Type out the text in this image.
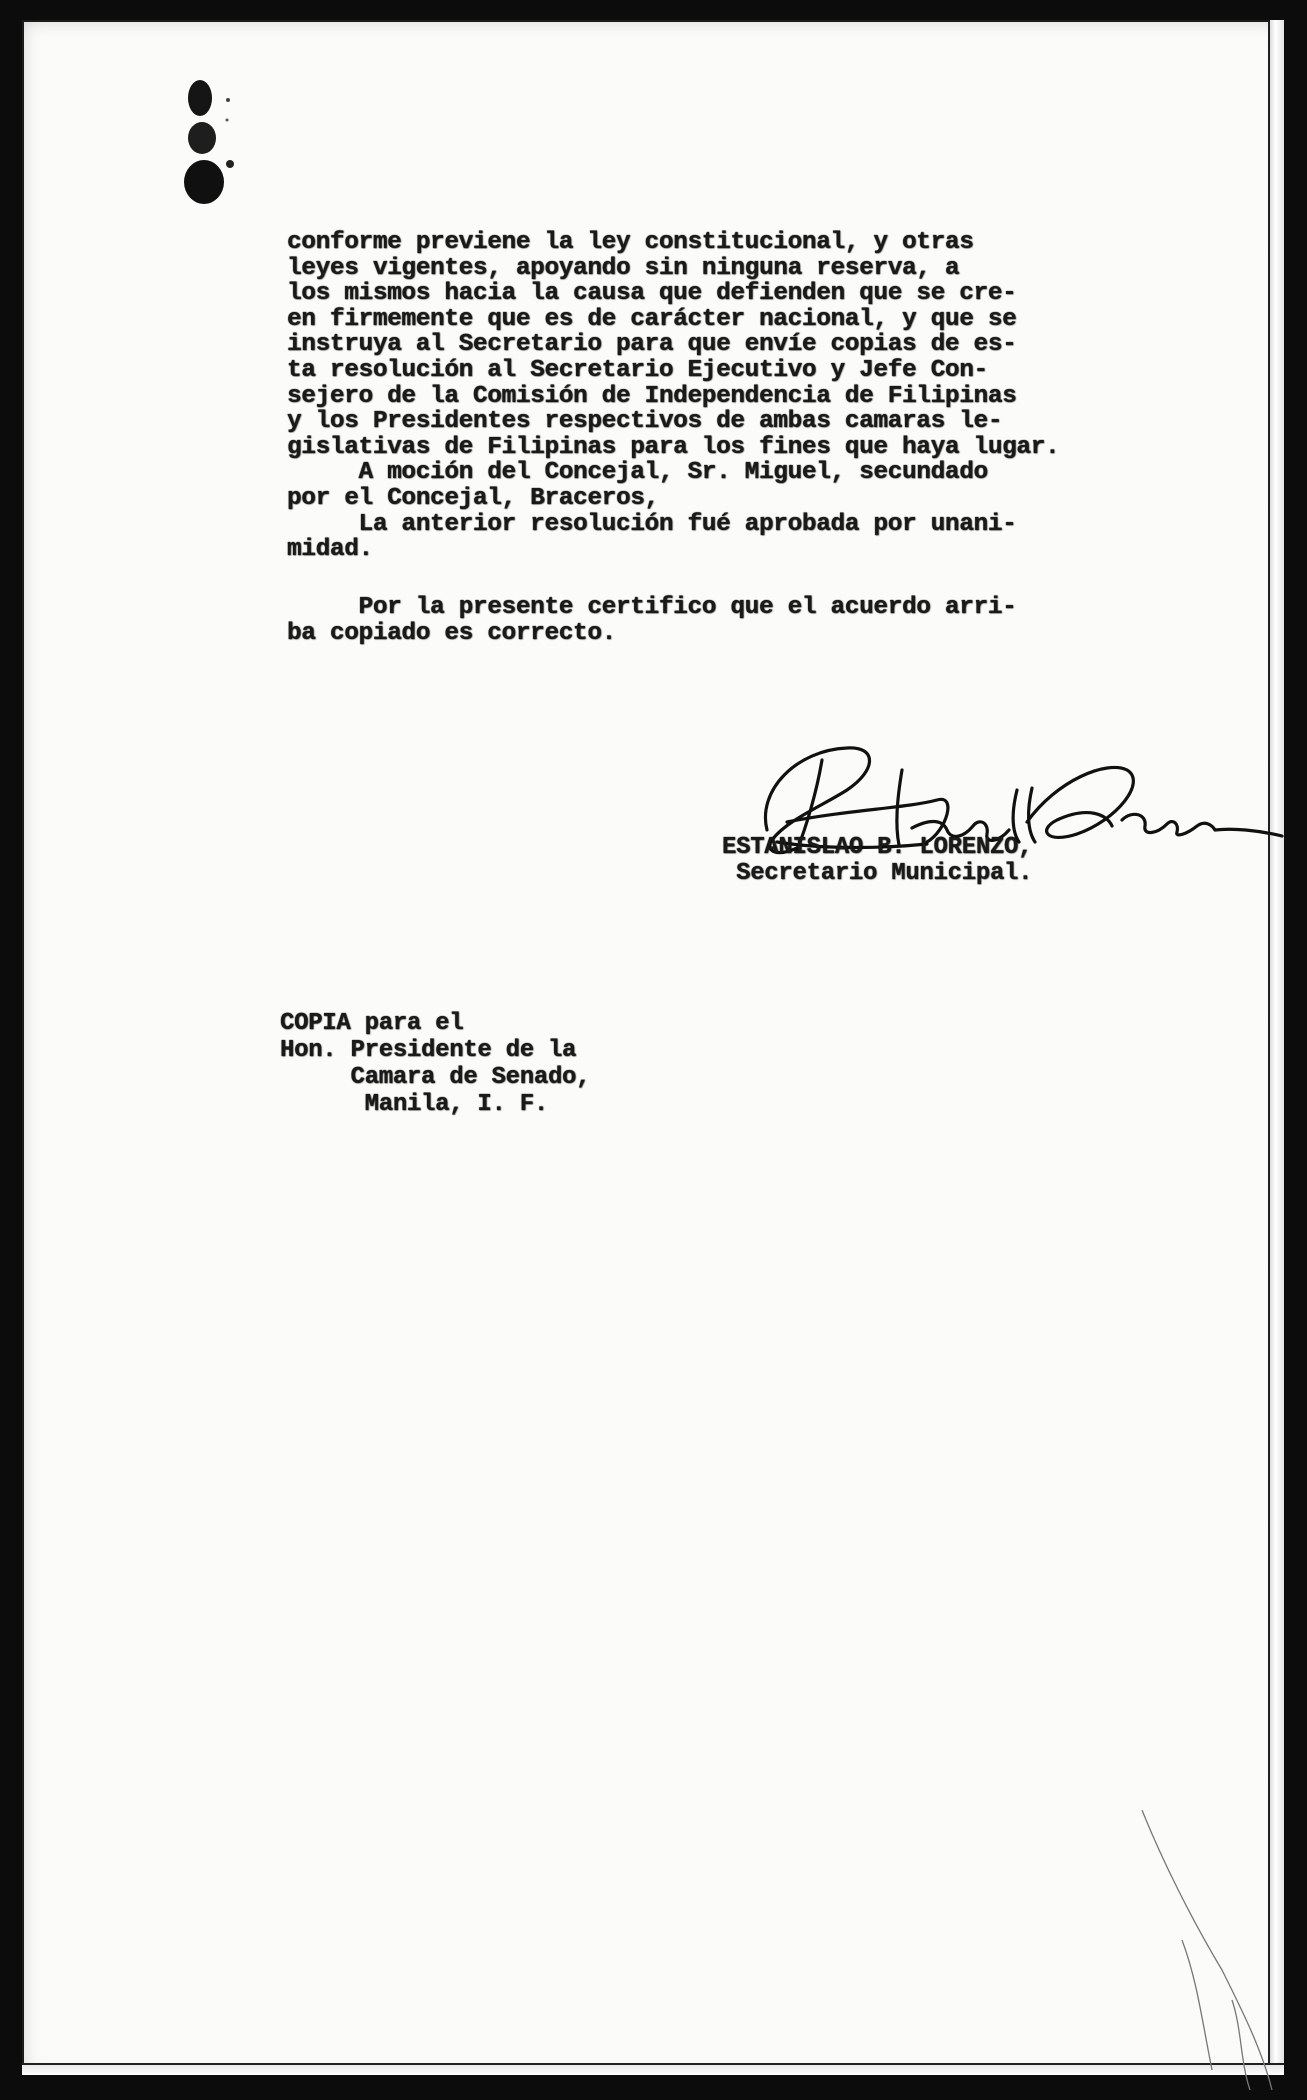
conforme previene la ley constitucional, y otras
leyes vigentes, apoyando sin ninguna reserva, a
los mismos hacia la causa que defienden que se cre-
en firmemente que es de carácter nacional, y que se
instruya al Secretario para que envíe copias de es-
ta resolución al Secretario Ejecutivo y Jefe Con-
sejero de la Comisión de Independencia de Filipinas
y los Presidentes respectivos de ambas camaras le-
gislativas de Filipinas para los fines que haya lugar.
A moción del Concejal, Sr. Miguel, secundado
por el Concejal, Braceros,
La anterior resolución fué aprobada por unani-
midad.
Por la presente certifico que el acuerdo arri-
ba copiado es correcto.
ESTANISLAO B. LORENZO,
Secretario Municipal.
COPIA para el
Hon. Presidente de la
Camara de Senado,
Manila, I. F.
